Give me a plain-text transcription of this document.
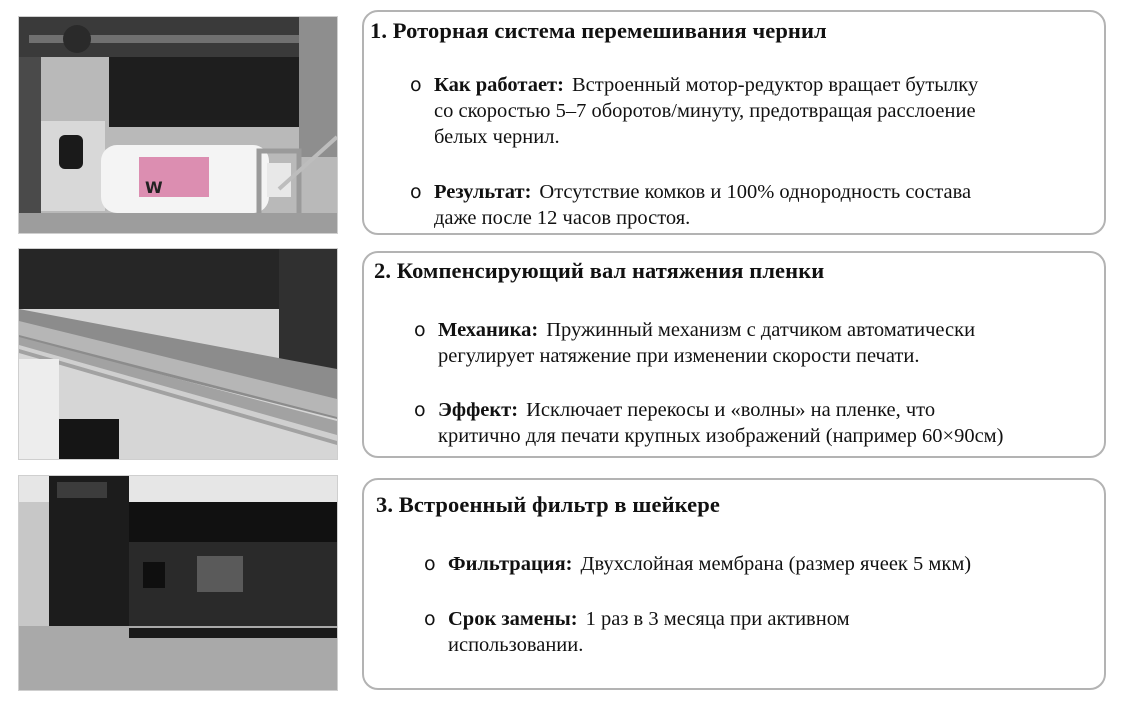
W
1. Роторная система перемешивания чернил
o Как работает: Встроенный мотор-редуктор вращает бутылку
со скоростью 5–7 оборотов/минуту, предотвращая расслоение
белых чернил.
o Результат: Отсутствие комков и 100% однородность состава
даже после 12 часов простоя.
2. Компенсирующий вал натяжения пленки
o Механика: Пружинный механизм с датчиком автоматически
регулирует натяжение при изменении скорости печати.
o Эффект: Исключает перекосы и «волны» на пленке, что
критично для печати крупных изображений (например 60×90см)
3. Встроенный фильтр в шейкере
o Фильтрация: Двухслойная мембрана (размер ячеек 5 мкм)
o Срок замены: 1 раз в 3 месяца при активном
использовании.
